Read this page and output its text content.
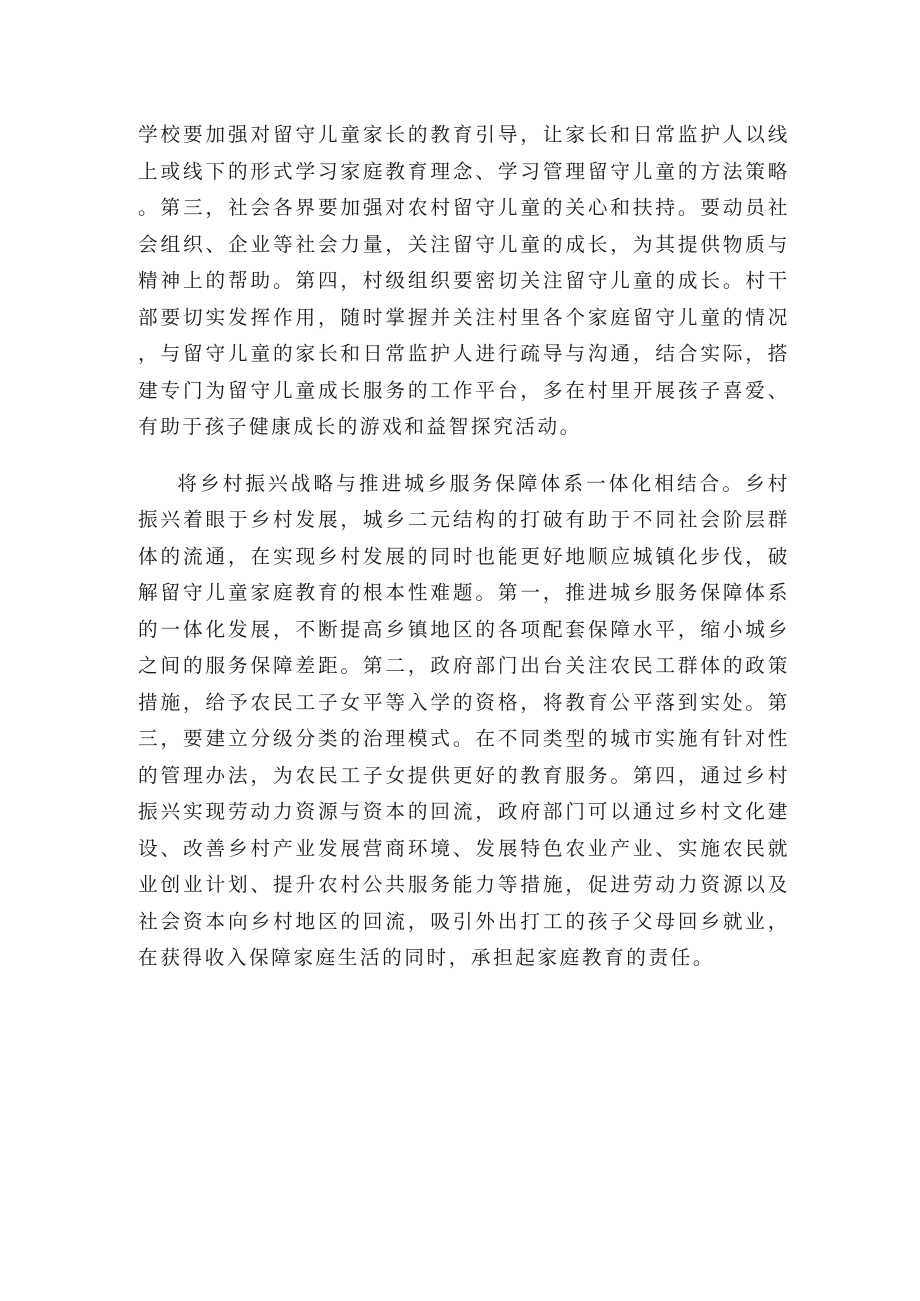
学校要加强对留守儿童家长的教育引导，让家长和日常监护人以线上或线下的形式学习家庭教育理念、学习管理留守儿童的方法策略。第三，社会各界要加强对农村留守儿童的关心和扶持。要动员社会组织、企业等社会力量，关注留守儿童的成长，为其提供物质与精神上的帮助。第四，村级组织要密切关注留守儿童的成长。村干部要切实发挥作用，随时掌握并关注村里各个家庭留守儿童的情况，与留守儿童的家长和日常监护人进行疏导与沟通，结合实际，搭建专门为留守儿童成长服务的工作平台，多在村里开展孩子喜爱、有助于孩子健康成长的游戏和益智探究活动。

将乡村振兴战略与推进城乡服务保障体系一体化相结合。乡村振兴着眼于乡村发展，城乡二元结构的打破有助于不同社会阶层群体的流通，在实现乡村发展的同时也能更好地顺应城镇化步伐，破解留守儿童家庭教育的根本性难题。第一，推进城乡服务保障体系的一体化发展，不断提高乡镇地区的各项配套保障水平，缩小城乡之间的服务保障差距。第二，政府部门出台关注农民工群体的政策措施，给予农民工子女平等入学的资格，将教育公平落到实处。第三，要建立分级分类的治理模式。在不同类型的城市实施有针对性的管理办法，为农民工子女提供更好的教育服务。第四，通过乡村振兴实现劳动力资源与资本的回流，政府部门可以通过乡村文化建设、改善乡村产业发展营商环境、发展特色农业产业、实施农民就业创业计划、提升农村公共服务能力等措施，促进劳动力资源以及社会资本向乡村地区的回流，吸引外出打工的孩子父母回乡就业，在获得收入保障家庭生活的同时，承担起家庭教育的责任。
